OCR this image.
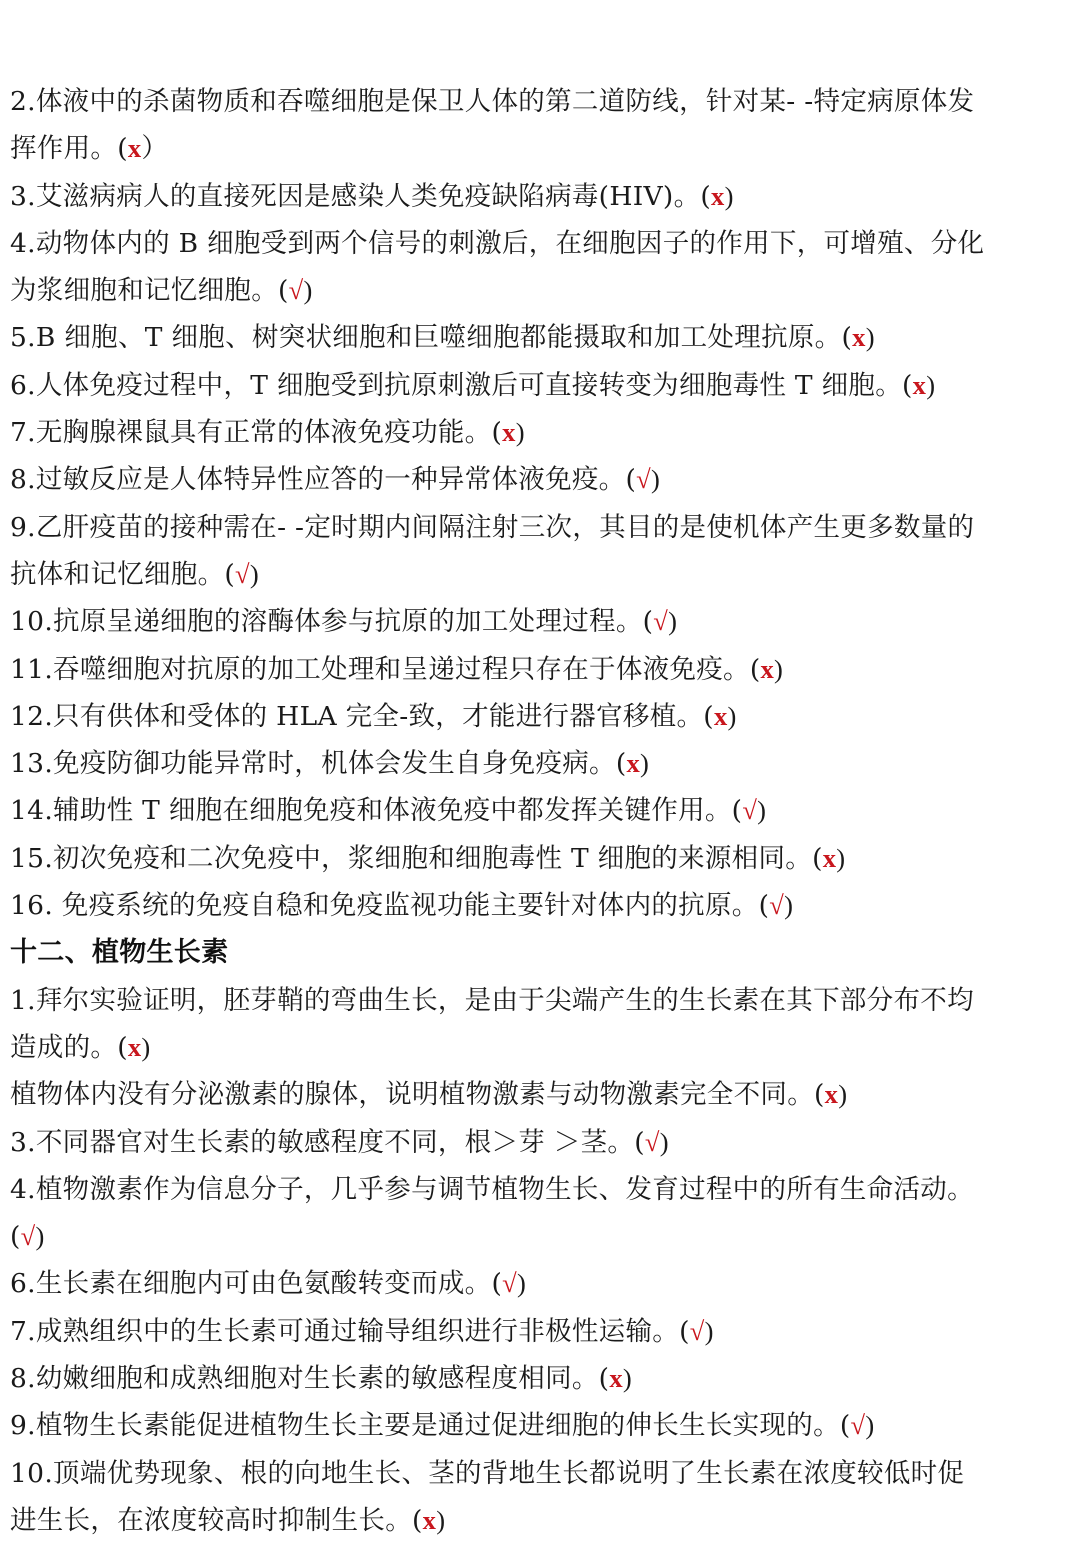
2.体液中的杀菌物质和吞噬细胞是保卫人体的第二道防线，针对某- -特定病原体发
挥作用。(x）
3.艾滋病病人的直接死因是感染人类免疫缺陷病毒(HIV)。(x)
4.动物体内的 B 细胞受到两个信号的刺激后，在细胞因子的作用下，可增殖、分化
为浆细胞和记忆细胞。(√)
5.B 细胞、T 细胞、树突状细胞和巨噬细胞都能摄取和加工处理抗原。(x)
6.人体免疫过程中，T 细胞受到抗原刺激后可直接转变为细胞毒性 T 细胞。(x)
7.无胸腺裸鼠具有正常的体液免疫功能。(x)
8.过敏反应是人体特异性应答的一种异常体液免疫。(√)
9.乙肝疫苗的接种需在- -定时期内间隔注射三次，其目的是使机体产生更多数量的
抗体和记忆细胞。(√)
10.抗原呈递细胞的溶酶体参与抗原的加工处理过程。(√)
11.吞噬细胞对抗原的加工处理和呈递过程只存在于体液免疫。(x)
12.只有供体和受体的 HLA 完全-致，才能进行器官移植。(x)
13.免疫防御功能异常时，机体会发生自身免疫病。(x)
14.辅助性 T 细胞在细胞免疫和体液免疫中都发挥关键作用。(√)
15.初次免疫和二次免疫中，浆细胞和细胞毒性 T 细胞的来源相同。(x)
16. 免疫系统的免疫自稳和免疫监视功能主要针对体内的抗原。(√)
十二、植物生长素
1.拜尔实验证明，胚芽鞘的弯曲生长，是由于尖端产生的生长素在其下部分布不均
造成的。(x)
植物体内没有分泌激素的腺体，说明植物激素与动物激素完全不同。(x)
3.不同器官对生长素的敏感程度不同，根＞芽 ＞茎。(√)
4.植物激素作为信息分子，几乎参与调节植物生长、发育过程中的所有生命活动。
(√)
6.生长素在细胞内可由色氨酸转变而成。(√)
7.成熟组织中的生长素可通过输导组织进行非极性运输。(√)
8.幼嫩细胞和成熟细胞对生长素的敏感程度相同。(x)
9.植物生长素能促进植物生长主要是通过促进细胞的伸长生长实现的。(√)
10.顶端优势现象、根的向地生长、茎的背地生长都说明了生长素在浓度较低时促
进生长，在浓度较高时抑制生长。(x)
